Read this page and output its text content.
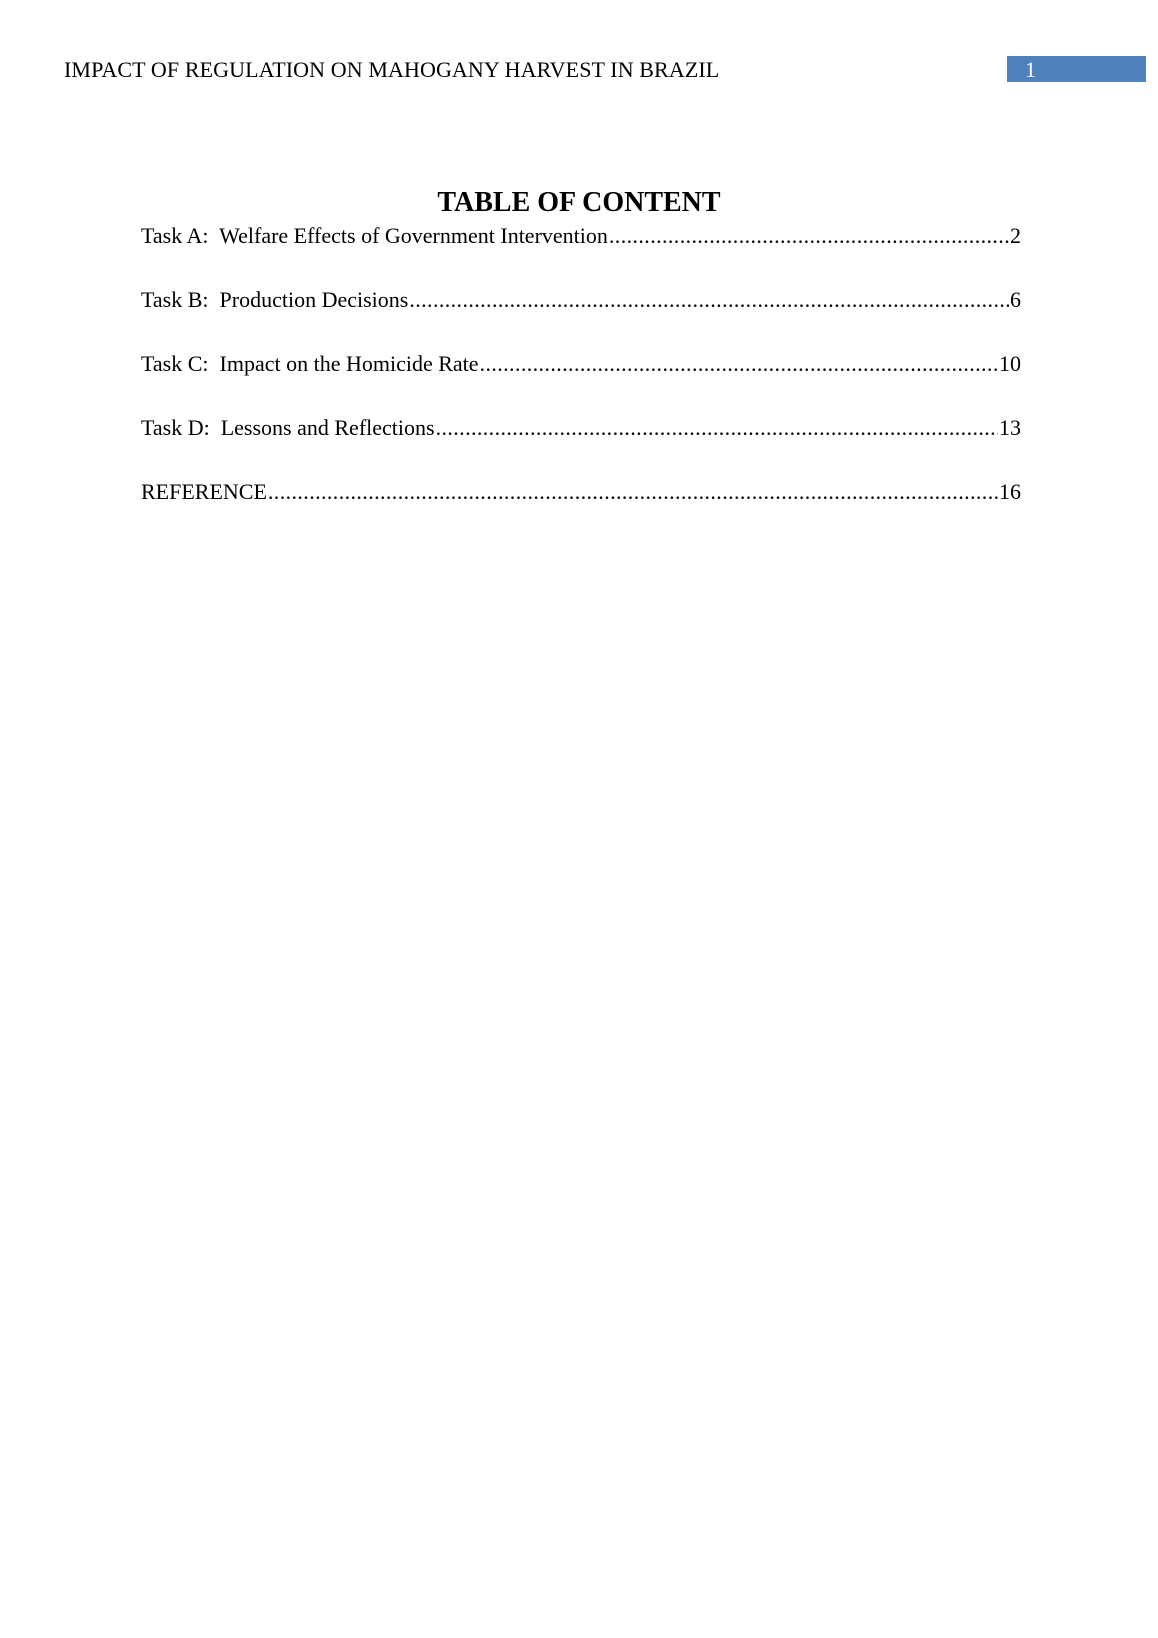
IMPACT OF REGULATION ON MAHOGANY HARVEST IN BRAZIL	1
TABLE OF CONTENT
Task A:  Welfare Effects of Government Intervention .....	2
Task B:  Production Decisions .....	6
Task C:  Impact on the Homicide Rate .....	10
Task D:  Lessons and Reflections .....	13
REFERENCE .....	16
